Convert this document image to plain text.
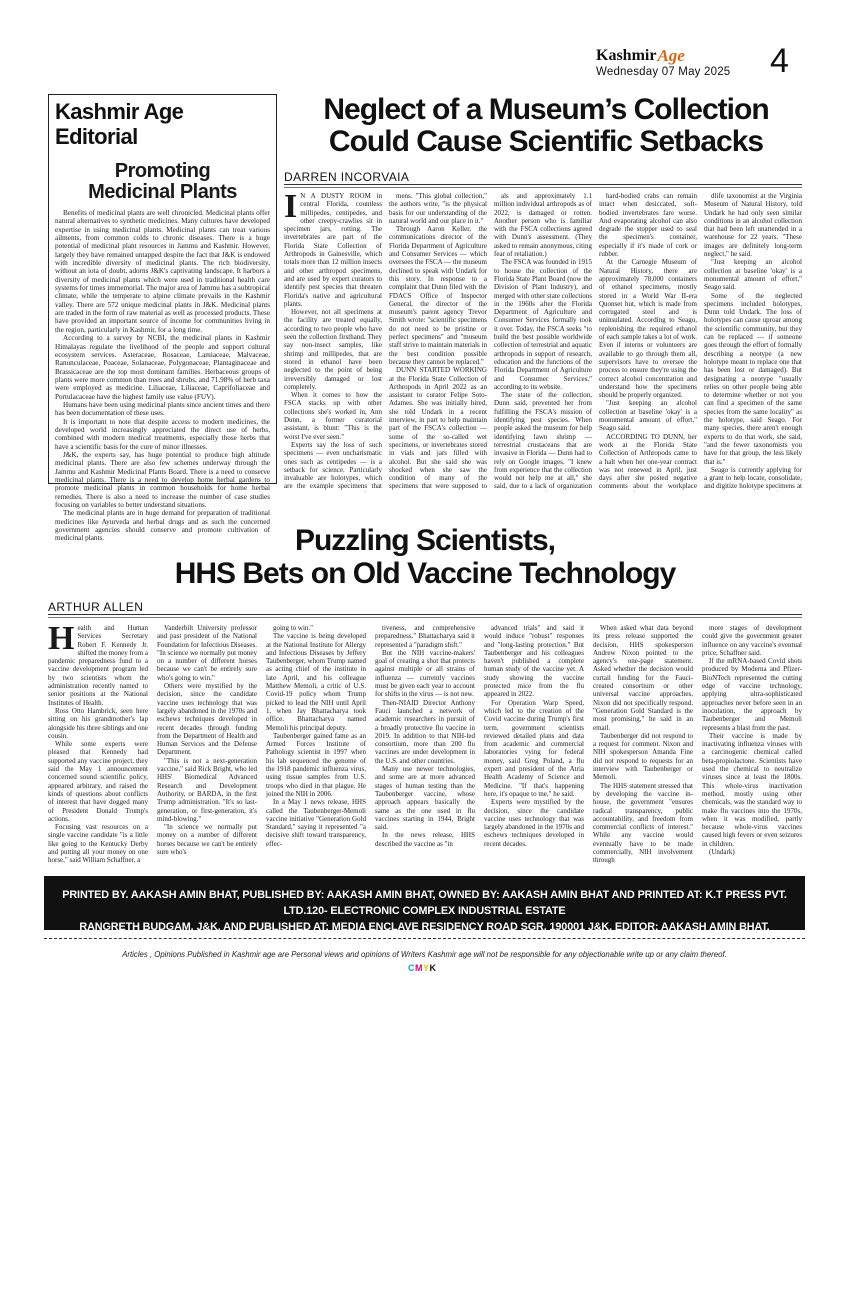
Kashmir Age
Wednesday 07 May 2025	4
Kashmir Age
Editorial
Promoting
Medicinal Plants

Benefits of medicinal plants are well chronicled. Medicinal plants offer natural alternatives to synthetic medicines. Many cultures have developed expertise in using medicinal plants. Medicinal plants can treat various ailments, from common colds to chronic diseases. There is a huge potential of medicinal plant resources in Jammu and Kashmir. However, largely they have remained untapped despite the fact that J&K is endowed with incredible diversity of medicinal plants. The rich biodiversity, without an iota of doubt, adorns J&K's captivating landscape. It harbors a diversity of medicinal plants which were used in traditional health care systems for times immemorial. The major area of Jammu has a subtropical climate, while the temperate to alpine climate prevails in the Kashmir valley. There are 572 unique medicinal plants in J&K. Medicinal plants are traded in the form of raw material as well as processed products. These have provided an important source of income for communities living in the region, particularly in Kashmir, for a long time.

According to a survey by NCBI, the medicinal plants in Kashmir Himalayas regulate the livelihood of the people and support cultural ecosystem services. Asteraceae, Rosaceae, Lamiaceae, Malvaceae, Ranunculaceae, Poaceae, Solanaceae, Polygonaceae, Plantaginaceae and Brassicaceae are the top most dominant families. Herbaceous groups of plants were more common than trees and shrubs, and 71.98% of herb taxa were employed as medicine. Liliaceae, Liliaceae, Caprifoliaceae and Portulacaceae have the highest family use value (FUV).

Humans have been using medicinal plants since ancient times and there has been documentation of these uses.

It is important to note that despite access to modern medicines, the developed world increasingly appreciated the direct use of herbs, combined with modern medical treatments, especially those herbs that have a scientific basis for the cure of minor illnesses.

J&K, the experts say, has huge potential to produce high altitude medicinal plants. There are also few schemes underway through the Jammu and Kashmir Medicinal Plants Board. There is a need to conserve medicinal plants. There is a need to develop home herbal gardens to promote medicinal plants in common households for home herbal remedies. There is also a need to increase the number of case studies focusing on variables to better understand situations.

The medicinal plants are in huge demand for preparation of traditional medicines like Ayurveda and herbal drugs and as such the concerned government agencies should conserve and promote cultivation of medicinal plants.

Neglect of a Museum’s Collection
Could Cause Scientific Setbacks
DARREN INCORVAIA

I N A DUSTY ROOM in central Florida, countless millipedes, centipedes, and other creepy-crawlies sit in specimen jars, rotting. The invertebrates are part of the Florida State Collection of Arthropods in Gainesville, which totals more than 12 million insects and other arthropod specimens, and are used by expert curators to identify pest species that threaten Florida's native and agricultural plants.

However, not all specimens at the facility are treated equally, according to two people who have seen the collection firsthand. They say non-insect samples, like shrimp and millipedes, that are stored in ethanol have been neglected to the point of being irreversibly damaged or lost completely.

When it comes to how the FSCA stacks up with other collections she's worked in, Ann Dunn, a former curatorial assistant, is blunt: "This is the worst I've ever seen."

Experts say the loss of such specimens — even uncharismatic ones such as centipedes — is a setback for science. Particularly invaluable are holotypes, which are the example specimens that

mens. "This global collection," the authors write, "is the physical basis for our understanding of the natural world and our place in it."

Through Aaron Keller, the communications director of the Florida Department of Agriculture and Consumer Services — which oversees the FSCA — the museum declined to speak with Undark for this story. In response to a complaint that Dunn filed with the FDACS Office of Inspector General, the director of the museum's parent agency Trevor Smith wrote: "scientific specimens do not need to be pristine or perfect specimens" and "museum staff strive to maintain materials in the best condition possible because they cannot be replaced."

DUNN STARTED WORKING at the Florida State Collection of Arthropods in April 2022 as an assistant to curator Felipe Soto-Adames. She was initially hired, she told Undark in a recent interview, in part to help maintain part of the FSCA's collection — some of the so-called wet specimens, or invertebrates stored in vials and jars filled with alcohol. But she said she was shocked when she saw the condition of many of the specimens that were supposed to

als and approximately 1.1 million individual arthropods as of 2022, is damaged or rotten. Another person who is familiar with the FSCA collections agreed with Dunn's assessment. (They asked to remain anonymous, citing fear of retaliation.)

The FSCA was founded in 1915 to house the collection of the Florida State Plant Board (now the Division of Plant Industry), and merged with other state collections in the 1960s after the Florida Department of Agriculture and Consumer Services formally took it over. Today, the FSCA seeks "to build the best possible worldwide collection of terrestrial and aquatic arthropods in support of research, education and the functions of the Florida Department of Agriculture and Consumer Services," according to its website.

The state of the collection, Dunn said, prevented her from fulfilling the FSCA's mission of identifying pest species. When people asked the museum for help identifying lawn shrimp — terrestrial crustaceans that are invasive in Florida — Dunn had to rely on Google images. "I knew from experience that the collection would not help me at all," she said, due to a lack of organization

hard-bodied crabs can remain intact when desiccated, soft-bodied invertebrates fare worse. And evaporating alcohol can also degrade the stopper used to seal the specimen's container, especially if it's made of cork or rubber.

At the Carnegie Museum of Natural History, there are approximately 78,000 containers of ethanol specimens, mostly stored in a World War II-era Quonset hut, which is made from corrugated steel and is uninsulated. According to Seago, replenishing the required ethanol of each sample takes a lot of work. Even if interns or volunteers are available to go through them all, supervisors have to oversee the process to ensure they're using the correct alcohol concentration and understand how the specimens should be properly organized.

"Just keeping an alcohol collection at baseline 'okay' is a monumental amount of effort," Seago said.

ACCORDING TO DUNN, her work at the Florida State Collection of Arthropods came to a halt when her one-year contract was not renewed in April, just days after she posted negative comments about the workplace

dlife taxonomist at the Virginia Museum of Natural History, told Undark he had only seen similar conditions in an alcohol collection that had been left unattended in a warehouse for 22 years. "These images are definitely long-term neglect," he said.

"Just keeping an alcohol collection at baseline 'okay' is a monumental amount of effort," Seago said.

Some of the neglected specimens included holotypes, Dunn told Undark. The loss of holotypes can cause uproar among the scientific community, but they can be replaced — if someone goes through the effort of formally describing a neotype (a new holotype meant to replace one that has been lost or damaged). But designating a neotype "usually relies on other people being able to determine whether or not you can find a specimen of the same species from the same locality" as the holotype, said Seago. For many species, there aren't enough experts to do that work, she said, "and the fewer taxonomists you have for that group, the less likely that is."

Seago is currently applying for a grant to help locate, consolidate, and digitize holotype specimens at

Puzzling Scientists,
HHS Bets on Old Vaccine Technology
ARTHUR ALLEN

Health and Human Services Secretary Robert F. Kennedy Jr. shifted the money from a pandemic preparedness fund to a vaccine development program led by two scientists whom the administration recently named to senior positions at the National Institutes of Health.

Ross Otto Hambrick, seen here sitting on his grandmother's lap alongside his three siblings and one cousin.

While some experts were pleased that Kennedy had supported any vaccine project, they said the May 1 announcement concerned sound scientific policy, appeared arbitrary, and raised the kinds of questions about conflicts of interest that have dogged many of President Donald Trump's actions.

Focusing vast resources on a single vaccine candidate "is a little like going to the Kentucky Derby and putting all your money on one horse," said William Schaffner, a

Vanderbilt University professor and past president of the National Foundation for Infectious Diseases. "In science we normally put money on a number of different horses because we can't be entirely sure who's going to win."

Others were mystified by the decision, since the candidate vaccine uses technology that was largely abandoned in the 1970s and eschews techniques developed in recent decades through funding from the Department of Health and Human Services and the Defense Department.

"This is not a next-generation vaccine," said Rick Bright, who led HHS' Biomedical Advanced Research and Development Authority, or BARDA, in the first Trump administration. "It's so last-generation, or first-generation, it's mind-blowing."

"In science we normally put money on a number of different horses because we can't be entirely sure who's

going to win."

The vaccine is being developed at the National Institute for Allergy and Infectious Diseases by Jeffery Taubenberger, whom Trump named as acting chief of the institute in late April, and his colleague Matthew Memoli, a critic of U.S. Covid-19 policy whom Trump picked to lead the NIH until April 1, when Jay Bhattacharya took office. Bhattacharya named Memoli his principal deputy.

Taubenberger gained fame as an Armed Forces Institute of Pathology scientist in 1997 when his lab sequenced the genome of the 1918 pandemic influenza virus, using tissue samples from U.S. troops who died in that plague. He joined the NIH in 2006.

In a May 1 news release, HHS called the Taubenberger-Memoli vaccine initiative "Generation Gold Standard," saying it represented "a decisive shift toward transparency, effec-

tiveness, and comprehensive preparedness." Bhattacharya said it represented a "paradigm shift."

But the NIH vaccine-makers' goal of creating a shot that protects against multiple or all strains of influenza — currently vaccines must be given each year to account for shifts in the virus — is not new.

Then-NIAID Director Anthony Fauci launched a network of academic researchers in pursuit of a broadly protective flu vaccine in 2019. In addition to that NIH-led consortium, more than 200 flu vaccines are under development in the U.S. and other countries.

Many use newer technologies, and some are at more advanced stages of human testing than the Taubenberger vaccine, whose approach appears basically the same as the one used in flu vaccines starting in 1944, Bright said.

In the news release, HHS described the vaccine as "in

advanced trials" and said it would induce "robust" responses and "long-lasting protection." But Taubenberger and his colleagues haven't published a complete human study of the vaccine yet. A study showing the vaccine protected mice from the flu appeared in 2022.

For Operation Warp Speed, which led to the creation of the Covid vaccine during Trump's first term, government scientists reviewed detailed plans and data from academic and commercial laboratories vying for federal money, said Greg Poland, a flu expert and president of the Atria Health Academy of Science and Medicine. "If that's happening here, it's opaque to me," he said.

Experts were mystified by the decision, since the candidate vaccine uses technology that was largely abandoned in the 1970s and eschews techniques developed in recent decades.

When asked what data beyond its press release supported the decision, HHS spokesperson Andrew Nixon pointed to the agency's one-page statement. Asked whether the decision would curtail funding for the Fauci-created consortium or other universal vaccine approaches, Nixon did not specifically respond. "Generation Gold Standard is the most promising," he said in an email.

Taubenberger did not respond to a request for comment. Nixon and NIH spokesperson Amanda Fine did not respond to requests for an interview with Taubenberger or Memoli.

The HHS statement stressed that by developing the vaccine in-house, the government "ensures radical transparency, public accountability, and freedom from commercial conflicts of interest." While any vaccine would eventually have to be made commercially, NIH involvement through

more stages of development could give the government greater influence on any vaccine's eventual price, Schaffner said.

If the mRNA-based Covid shots produced by Moderna and Pfizer-BioNTech represented the cutting edge of vaccine technology, applying ultra-sophisticated approaches never before seen in an inoculation, the approach by Taubenberger and Memoli represents a blast from the past.

Their vaccine is made by inactivating influenza viruses with a carcinogenic chemical called beta-propiolactone. Scientists have used the chemical to neutralize viruses since at least the 1800s. This whole-virus inactivation method, mostly using other chemicals, was the standard way to make flu vaccines into the 1970s, when it was modified, partly because whole-virus vaccines caused high fevers or even seizures in children.

(Undark)

PRINTED BY. AAKASH AMIN BHAT, PUBLISHED BY: AAKASH AMIN BHAT, OWNED BY: AAKASH AMIN BHAT AND PRINTED AT: K.T PRESS PVT. LTD.120- ELECTRONIC COMPLEX INDUSTRIAL ESTATE
RANGRETH BUDGAM, J&K. AND PUBLISHED AT: MEDIA ENCLAVE RESIDENCY ROAD SGR. 190001 J&K. EDITOR: AAKASH AMIN BHAT, JKENG/2006/23952
Articles , Opinions Published in Kashmir age are Personal views and opinions of Writers Kashmir age will not be responsible for any objectionable write up or any claim thereof.
CMYK
